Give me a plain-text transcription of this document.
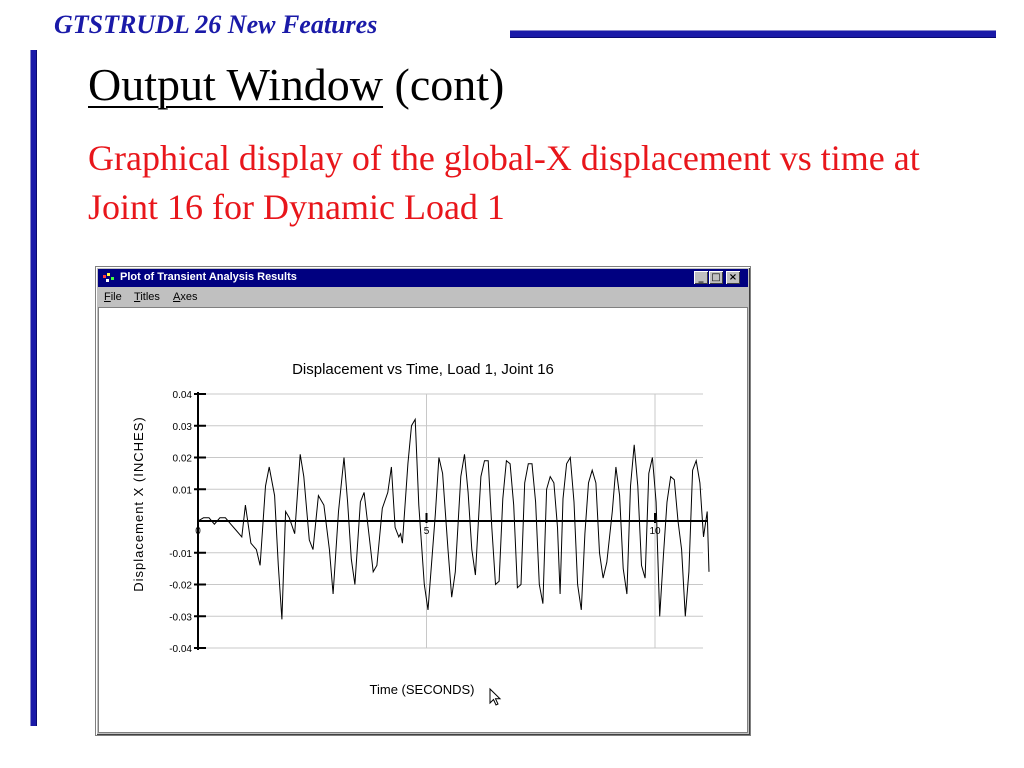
GTSTRUDL 26 New Features
Output Window (cont)
Graphical display of the global-X displacement vs time at Joint 16 for Dynamic Load 1
Plot of Transient Analysis Results	_ □ ×
File Titles Axes
Displacement vs Time, Load 1, Joint 16
0.04
0.03
0.02
0.01
-0.01
-0.02
-0.03
-0.04
0	5	10
Time (SECONDS)
Displacement X (INCHES)
